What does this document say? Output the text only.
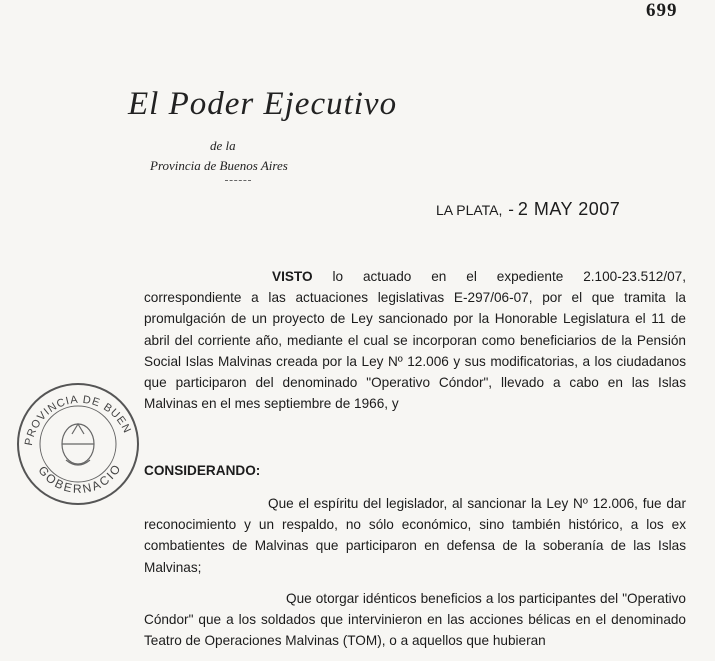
699
El Poder Ejecutivo
de la
Provincia de Buenos Aires
LA PLATA, - 2 MAY 2007
VISTO lo actuado en el expediente 2.100-23.512/07, correspondiente a las actuaciones legislativas E-297/06-07, por el que tramita la promulgación de un proyecto de Ley sancionado por la Honorable Legislatura el 11 de abril del corriente año, mediante el cual se incorporan como beneficiarios de la Pensión Social Islas Malvinas creada por la Ley Nº 12.006 y sus modificatorias, a los ciudadanos que participaron del denominado "Operativo Cóndor", llevado a cabo en las Islas Malvinas en el mes septiembre de 1966, y
PROVINCIA DE BUEN
GOBERNACIO CONSIDERANDO:
Que el espíritu del legislador, al sancionar la Ley Nº 12.006, fue dar reconocimiento y un respaldo, no sólo económico, sino también histórico, a los ex combatientes de Malvinas que participaron en defensa de la soberanía de las Islas Malvinas;
Que otorgar idénticos beneficios a los participantes del "Operativo Cóndor" que a los soldados que intervinieron en las acciones bélicas en el denominado Teatro de Operaciones Malvinas (TOM), o a aquellos que hubieran
